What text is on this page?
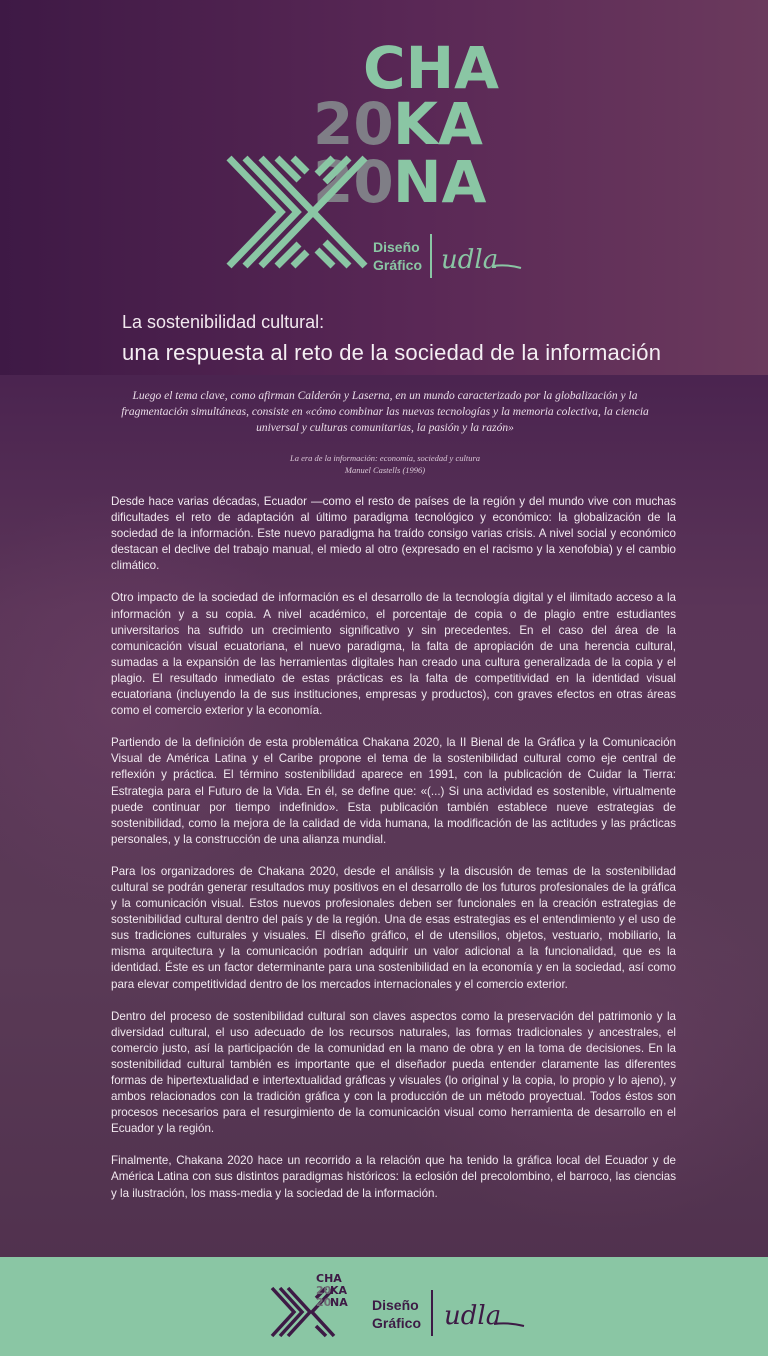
CHA
20 KA
20 NA
Diseño
Gráfico udla
La sostenibilidad cultural:
una respuesta al reto de la sociedad de la información
Luego el tema clave, como afirman Calderón y Laserna, en un mundo caracterizado por la globalización y la fragmentación simultáneas, consiste en «cómo combinar las nuevas tecnologías y la memoria colectiva, la ciencia universal y culturas comunitarias, la pasión y la razón»
La era de la información: economía, sociedad y cultura
Manuel Castells (1996)

Desde hace varias décadas, Ecuador —como el resto de países de la región y del mundo vive con muchas dificultades el reto de adaptación al último paradigma tecnológico y económico: la globalización de la sociedad de la información. Este nuevo paradigma ha traído consigo varias crisis. A nivel social y económico destacan el declive del trabajo manual, el miedo al otro (expresado en el racismo y la xenofobia) y el cambio climático.

Otro impacto de la sociedad de información es el desarrollo de la tecnología digital y el ilimitado acceso a la información y a su copia. A nivel académico, el porcentaje de copia o de plagio entre estudiantes universitarios ha sufrido un crecimiento significativo y sin precedentes. En el caso del área de la comunicación visual ecuatoriana, el nuevo paradigma, la falta de apropiación de una herencia cultural, sumadas a la expansión de las herramientas digitales han creado una cultura generalizada de la copia y el plagio. El resultado inmediato de estas prácticas es la falta de competitividad en la identidad visual ecuatoriana (incluyendo la de sus instituciones, empresas y productos), con graves efectos en otras áreas como el comercio exterior y la economía.

Partiendo de la definición de esta problemática Chakana 2020, la II Bienal de la Gráfica y la Comunicación Visual de América Latina y el Caribe propone el tema de la sostenibilidad cultural como eje central de reflexión y práctica. El término sostenibilidad aparece en 1991, con la publicación de Cuidar la Tierra: Estrategia para el Futuro de la Vida. En él, se define que: «(...) Si una actividad es sostenible, virtualmente puede continuar por tiempo indefinido». Esta publicación también establece nueve estrategias de sostenibilidad, como la mejora de la calidad de vida humana, la modificación de las actitudes y las prácticas personales, y la construcción de una alianza mundial.

Para los organizadores de Chakana 2020, desde el análisis y la discusión de temas de la sostenibilidad cultural se podrán generar resultados muy positivos en el desarrollo de los futuros profesionales de la gráfica y la comunicación visual. Estos nuevos profesionales deben ser funcionales en la creación estrategias de sostenibilidad cultural dentro del país y de la región. Una de esas estrategias es el entendimiento y el uso de sus tradiciones culturales y visuales. El diseño gráfico, el de utensilios, objetos, vestuario, mobiliario, la misma arquitectura y la comunicación podrían adquirir un valor adicional a la funcionalidad, que es la identidad. Éste es un factor determinante para una sostenibilidad en la economía y en la sociedad, así como para elevar competitividad dentro de los mercados internacionales y el comercio exterior.

Dentro del proceso de sostenibilidad cultural son claves aspectos como la preservación del patrimonio y la diversidad cultural, el uso adecuado de los recursos naturales, las formas tradicionales y ancestrales, el comercio justo, así la participación de la comunidad en la mano de obra y en la toma de decisiones. En la sostenibilidad cultural también es importante que el diseñador pueda entender claramente las diferentes formas de hipertextualidad e intertextualidad gráficas y visuales (lo original y la copia, lo propio y lo ajeno), y ambos relacionados con la tradición gráfica y con la producción de un método proyectual. Todos éstos son procesos necesarios para el resurgimiento de la comunicación visual como herramienta de desarrollo en el Ecuador y la región.

Finalmente, Chakana 2020 hace un recorrido a la relación que ha tenido la gráfica local del Ecuador y de América Latina con sus distintos paradigmas históricos: la eclosión del precolombino, el barroco, las ciencias y la ilustración, los mass-media y la sociedad de la información.

CHA
20
KA
20
NA Diseño
Gráfico udla
